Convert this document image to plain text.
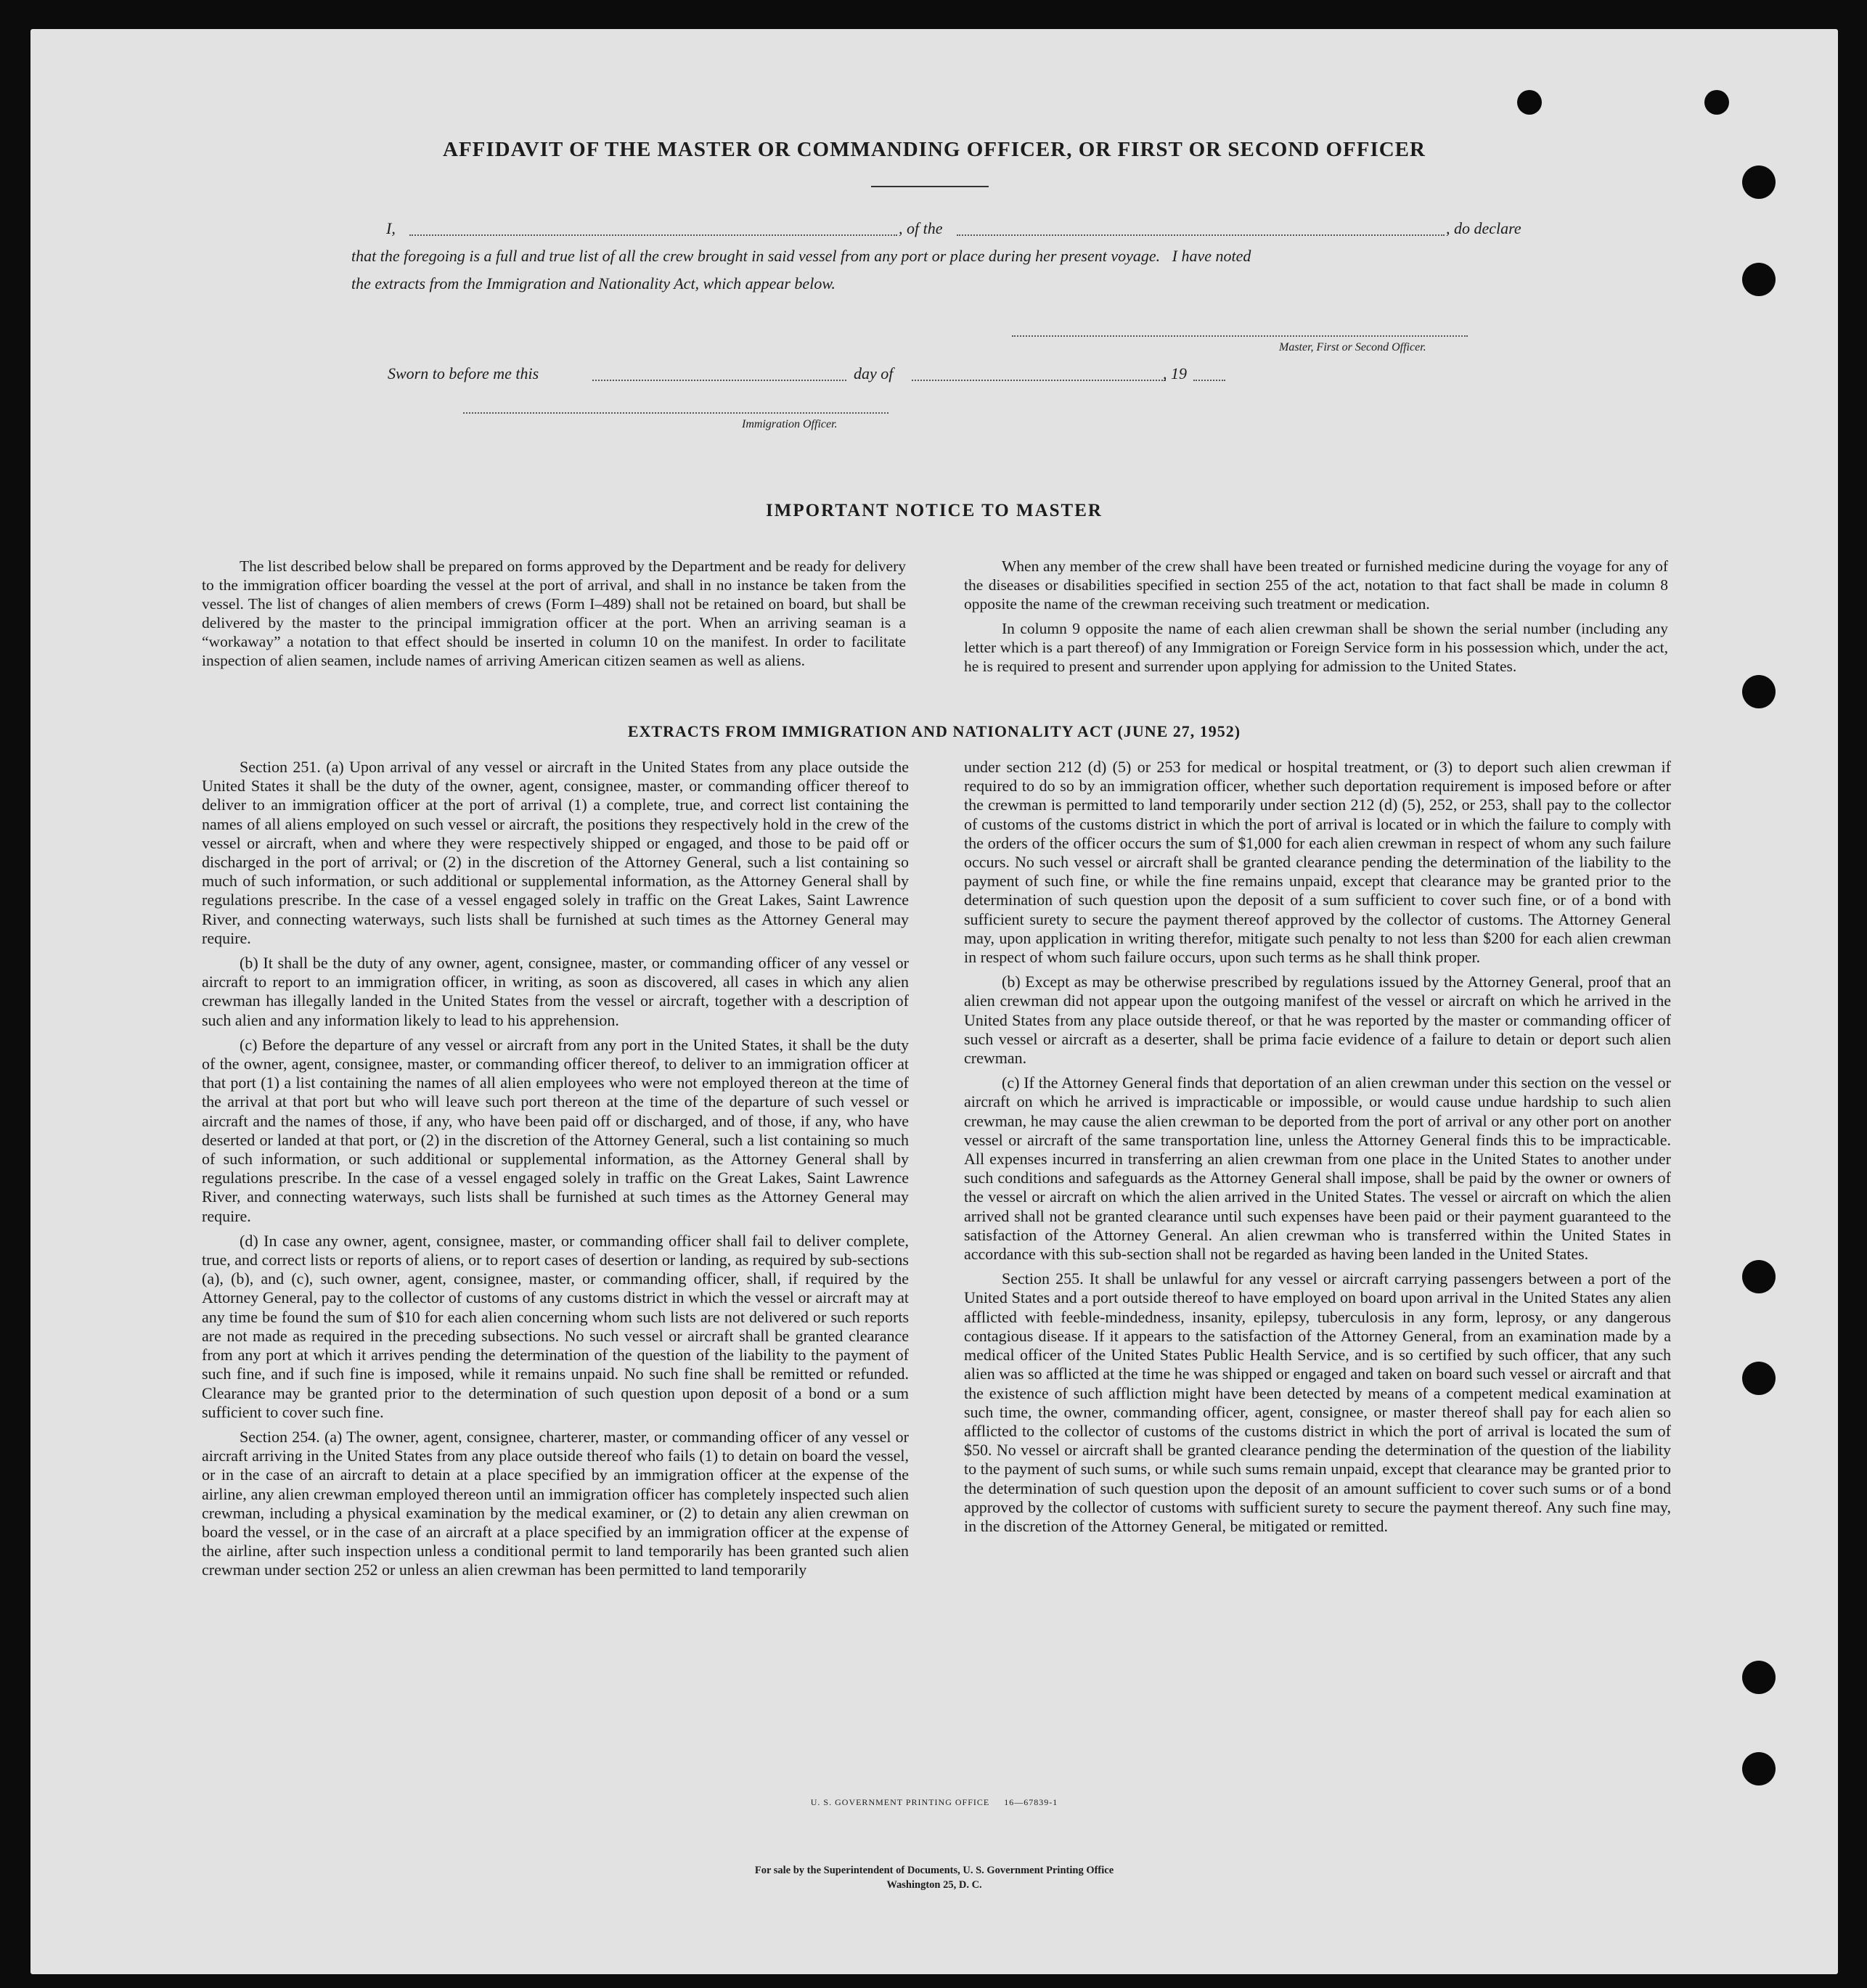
AFFIDAVIT OF THE MASTER OR COMMANDING OFFICER, OR FIRST OR SECOND OFFICER
I,	, of the	, do declare
that the foregoing is a full and true list of all the crew brought in said vessel from any port or place during her present voyage.   I have noted
the extracts from the Immigration and Nationality Act, which appear below.
Master, First or Second Officer.
Sworn to before me this	day of	, 19
Immigration Officer.
IMPORTANT NOTICE TO MASTER

The list described below shall be prepared on forms approved by the Department and be ready for delivery to the immigration officer boarding the vessel at the port of arrival, and shall in no instance be taken from the vessel. The list of changes of alien members of crews (Form I–489) shall not be retained on board, but shall be delivered by the master to the principal immigration officer at the port. When an arriving seaman is a “workaway” a notation to that effect should be inserted in column 10 on the manifest. In order to facilitate inspection of alien seamen, include names of arriving American citizen seamen as well as aliens.

When any member of the crew shall have been treated or furnished medicine during the voyage for any of the diseases or disabilities specified in section 255 of the act, notation to that fact shall be made in column 8 opposite the name of the crewman receiving such treatment or medication.

In column 9 opposite the name of each alien crewman shall be shown the serial number (including any letter which is a part thereof) of any Immigration or Foreign Service form in his possession which, under the act, he is required to present and surrender upon applying for admission to the United States.

EXTRACTS FROM IMMIGRATION AND NATIONALITY ACT (JUNE 27, 1952)

Section 251. (a) Upon arrival of any vessel or aircraft in the United States from any place outside the United States it shall be the duty of the owner, agent, consignee, master, or commanding officer thereof to deliver to an immigration officer at the port of arrival (1) a complete, true, and correct list containing the names of all aliens employed on such vessel or aircraft, the positions they respectively hold in the crew of the vessel or aircraft, when and where they were respectively shipped or engaged, and those to be paid off or discharged in the port of arrival; or (2) in the discretion of the Attorney General, such a list containing so much of such information, or such additional or supplemental information, as the Attorney General shall by regulations prescribe. In the case of a vessel engaged solely in traffic on the Great Lakes, Saint Lawrence River, and connecting waterways, such lists shall be furnished at such times as the Attorney General may require.

(b) It shall be the duty of any owner, agent, consignee, master, or commanding officer of any vessel or aircraft to report to an immigration officer, in writing, as soon as discovered, all cases in which any alien crewman has illegally landed in the United States from the vessel or aircraft, together with a description of such alien and any information likely to lead to his apprehension.

(c) Before the departure of any vessel or aircraft from any port in the United States, it shall be the duty of the owner, agent, consignee, master, or commanding officer thereof, to deliver to an immigration officer at that port (1) a list containing the names of all alien employees who were not employed thereon at the time of the arrival at that port but who will leave such port thereon at the time of the departure of such vessel or aircraft and the names of those, if any, who have been paid off or discharged, and of those, if any, who have deserted or landed at that port, or (2) in the discretion of the Attorney General, such a list containing so much of such information, or such additional or supplemental information, as the Attorney General shall by regulations prescribe. In the case of a vessel engaged solely in traffic on the Great Lakes, Saint Lawrence River, and connecting waterways, such lists shall be furnished at such times as the Attorney General may require.

(d) In case any owner, agent, consignee, master, or commanding officer shall fail to deliver complete, true, and correct lists or reports of aliens, or to report cases of desertion or landing, as required by sub-sections (a), (b), and (c), such owner, agent, consignee, master, or commanding officer, shall, if required by the Attorney General, pay to the collector of customs of any customs district in which the vessel or aircraft may at any time be found the sum of $10 for each alien concerning whom such lists are not delivered or such reports are not made as required in the preceding subsections. No such vessel or aircraft shall be granted clearance from any port at which it arrives pending the determination of the question of the liability to the payment of such fine, and if such fine is imposed, while it remains unpaid. No such fine shall be remitted or refunded. Clearance may be granted prior to the determination of such question upon deposit of a bond or a sum sufficient to cover such fine.

Section 254. (a) The owner, agent, consignee, charterer, master, or commanding officer of any vessel or aircraft arriving in the United States from any place outside thereof who fails (1) to detain on board the vessel, or in the case of an aircraft to detain at a place specified by an immigration officer at the expense of the airline, any alien crewman employed thereon until an immigration officer has completely inspected such alien crewman, including a physical examination by the medical examiner, or (2) to detain any alien crewman on board the vessel, or in the case of an aircraft at a place specified by an immigration officer at the expense of the airline, after such inspection unless a conditional permit to land temporarily has been granted such alien crewman under section 252 or unless an alien crewman has been permitted to land temporarily

under section 212 (d) (5) or 253 for medical or hospital treatment, or (3) to deport such alien crewman if required to do so by an immigration officer, whether such deportation requirement is imposed before or after the crewman is permitted to land temporarily under section 212 (d) (5), 252, or 253, shall pay to the collector of customs of the customs district in which the port of arrival is located or in which the failure to comply with the orders of the officer occurs the sum of $1,000 for each alien crewman in respect of whom any such failure occurs. No such vessel or aircraft shall be granted clearance pending the determination of the liability to the payment of such fine, or while the fine remains unpaid, except that clearance may be granted prior to the determination of such question upon the deposit of a sum sufficient to cover such fine, or of a bond with sufficient surety to secure the payment thereof approved by the collector of customs. The Attorney General may, upon application in writing therefor, mitigate such penalty to not less than $200 for each alien crewman in respect of whom such failure occurs, upon such terms as he shall think proper.

(b) Except as may be otherwise prescribed by regulations issued by the Attorney General, proof that an alien crewman did not appear upon the outgoing manifest of the vessel or aircraft on which he arrived in the United States from any place outside thereof, or that he was reported by the master or commanding officer of such vessel or aircraft as a deserter, shall be prima facie evidence of a failure to detain or deport such alien crewman.

(c) If the Attorney General finds that deportation of an alien crewman under this section on the vessel or aircraft on which he arrived is impracticable or impossible, or would cause undue hardship to such alien crewman, he may cause the alien crewman to be deported from the port of arrival or any other port on another vessel or aircraft of the same transportation line, unless the Attorney General finds this to be impracticable. All expenses incurred in transferring an alien crewman from one place in the United States to another under such conditions and safeguards as the Attorney General shall impose, shall be paid by the owner or owners of the vessel or aircraft on which the alien arrived in the United States. The vessel or aircraft on which the alien arrived shall not be granted clearance until such expenses have been paid or their payment guaranteed to the satisfaction of the Attorney General. An alien crewman who is transferred within the United States in accordance with this sub-section shall not be regarded as having been landed in the United States.

Section 255. It shall be unlawful for any vessel or aircraft carrying passengers between a port of the United States and a port outside thereof to have employed on board upon arrival in the United States any alien afflicted with feeble-mindedness, insanity, epilepsy, tuberculosis in any form, leprosy, or any dangerous contagious disease. If it appears to the satisfaction of the Attorney General, from an examination made by a medical officer of the United States Public Health Service, and is so certified by such officer, that any such alien was so afflicted at the time he was shipped or engaged and taken on board such vessel or aircraft and that the existence of such affliction might have been detected by means of a competent medical examination at such time, the owner, commanding officer, agent, consignee, or master thereof shall pay for each alien so afflicted to the collector of customs of the customs district in which the port of arrival is located the sum of $50. No vessel or aircraft shall be granted clearance pending the determination of the question of the liability to the payment of such sums, or while such sums remain unpaid, except that clearance may be granted prior to the determination of such question upon the deposit of an amount sufficient to cover such sums or of a bond approved by the collector of customs with sufficient surety to secure the payment thereof. Any such fine may, in the discretion of the Attorney General, be mitigated or remitted.

U. S. GOVERNMENT PRINTING OFFICE     16—67839-1
For sale by the Superintendent of Documents, U. S. Government Printing Office
Washington 25, D. C.
